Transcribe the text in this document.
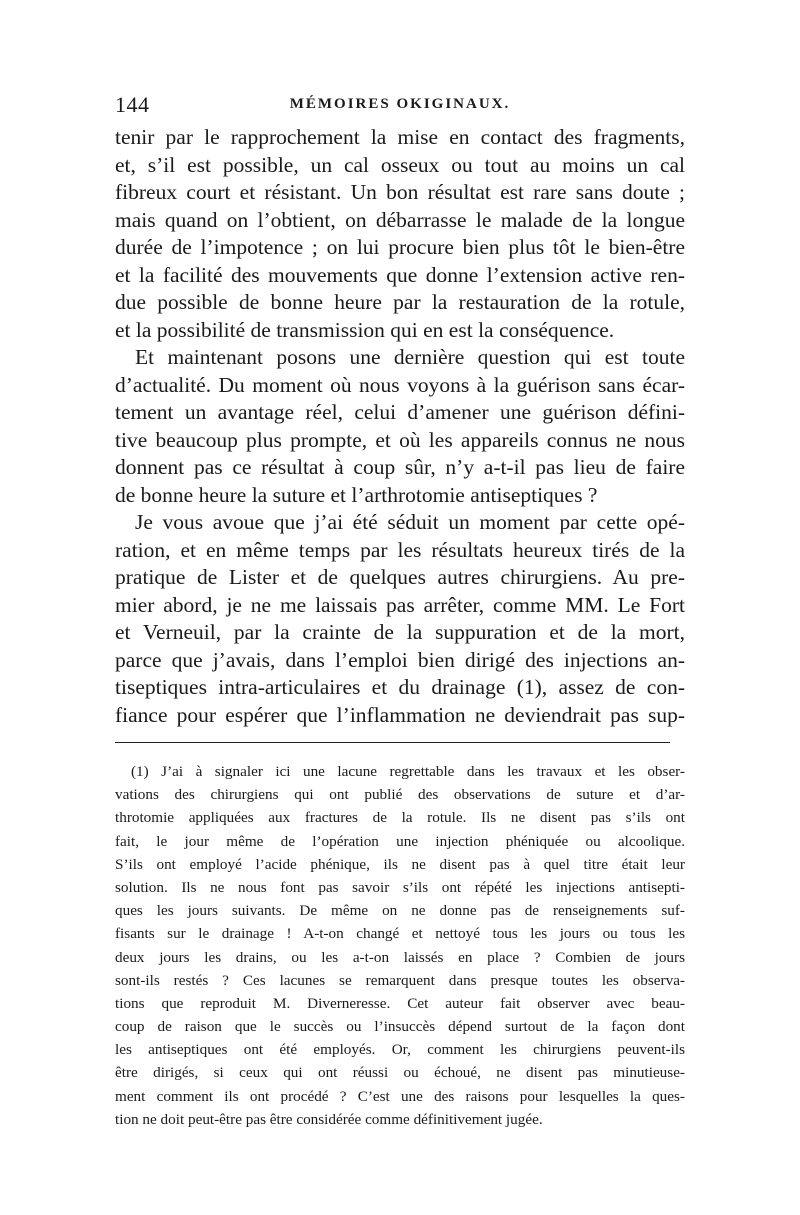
144	MÉMOIRES OKIGINAUX.
tenir par le rapprochement la mise en contact des fragments,
et, s’il est possible, un cal osseux ou tout au moins un cal
fibreux court et résistant. Un bon résultat est rare sans doute ;
mais quand on l’obtient, on débarrasse le malade de la longue
durée de l’impotence ; on lui procure bien plus tôt le bien-être
et la facilité des mouvements que donne l’extension active ren-
due possible de bonne heure par la restauration de la rotule,
et la possibilité de transmission qui en est la conséquence.
Et maintenant posons une dernière question qui est toute
d’actualité. Du moment où nous voyons à la guérison sans écar-
tement un avantage réel, celui d’amener une guérison défini-
tive beaucoup plus prompte, et où les appareils connus ne nous
donnent pas ce résultat à coup sûr, n’y a-t-il pas lieu de faire
de bonne heure la suture et l’arthrotomie antiseptiques ?
Je vous avoue que j’ai été séduit un moment par cette opé-
ration, et en même temps par les résultats heureux tirés de la
pratique de Lister et de quelques autres chirurgiens. Au pre-
mier abord, je ne me laissais pas arrêter, comme MM. Le Fort
et Verneuil, par la crainte de la suppuration et de la mort,
parce que j’avais, dans l’emploi bien dirigé des injections an-
tiseptiques intra-articulaires et du drainage (1), assez de con-
fiance pour espérer que l’inflammation ne deviendrait pas sup-
(1) J’ai à signaler ici une lacune regrettable dans les travaux et les obser-
vations des chirurgiens qui ont publié des observations de suture et d’ar-
throtomie appliquées aux fractures de la rotule. Ils ne disent pas s’ils ont
fait, le jour même de l’opération une injection phéniquée ou alcoolique.
S’ils ont employé l’acide phénique, ils ne disent pas à quel titre était leur
solution. Ils ne nous font pas savoir s’ils ont répété les injections antisepti-
ques les jours suivants. De même on ne donne pas de renseignements suf-
fisants sur le drainage ! A-t-on changé et nettoyé tous les jours ou tous les
deux jours les drains, ou les a-t-on laissés en place ? Combien de jours
sont-ils restés ? Ces lacunes se remarquent dans presque toutes les observa-
tions que reproduit M. Diverneresse. Cet auteur fait observer avec beau-
coup de raison que le succès ou l’insuccès dépend surtout de la façon dont
les antiseptiques ont été employés. Or, comment les chirurgiens peuvent-ils
être dirigés, si ceux qui ont réussi ou échoué, ne disent pas minutieuse-
ment comment ils ont procédé ? C’est une des raisons pour lesquelles la ques-
tion ne doit peut-être pas être considérée comme définitivement jugée.
